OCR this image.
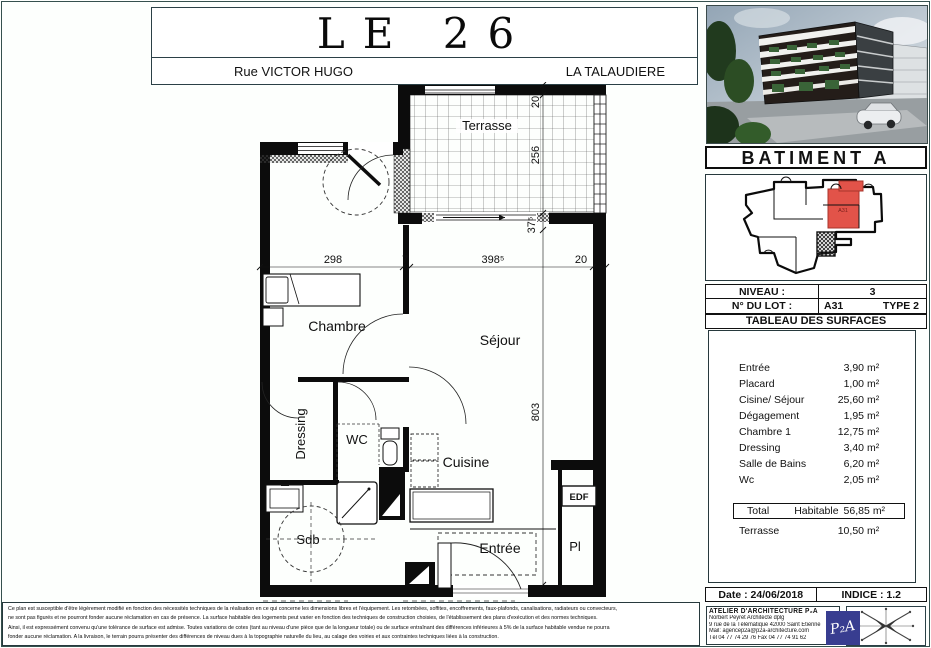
LE 26
Rue VICTOR HUGO	LA TALAUDIERE
BATIMENT A
A31
NIVEAU :	3
N° DU LOT :	A31	TYPE 2
TABLEAU DES SURFACES
Entrée	3,90 m²
Placard	1,00 m²
Cisine/ Séjour	25,60 m²
Dégagement	1,95 m²
Chambre 1	12,75 m²
Dressing	3,40 m²
Salle de Bains	6,20 m²
Wc	2,05 m²
Total Habitable 56,85 m²
Terrasse	10,50 m²
Date : 24/06/2018	INDICE : 1.2
ATELIER D'ARCHITECTURE P₂A
Norbert Peyret Architecte dplg
9 rue de la Télématique 42000 Saint Etienne
Mail: agencep2a@p2a-architecture.com
Tél 04 77 74 29 76 Fax 04 77 74 91 62	P₂A
Ce plan est susceptible d'être légèrement modifié en fonction des nécessités techniques de la réalisation en ce qui concerne les dimensions libres et l'équipement. Les retombées, soffites, encoffrements, faux-plafonds, canalisations, radiateurs ou convecteurs,
ne sont pas figurés et ne pourront fonder aucune réclamation en cas de présence. La surface habitable des logements peut varier en fonction des techniques de construction choisies, de l'établissement des plans d'exécution et des normes techniques.
Ainsi, il est expressément convenu qu'une tolérance de surface est admise. Toutes variations de cotes (tant au niveau d'une pièce que de la longueur totale) ou de surface entraînant des différences inférieures à 5% de la surface habitable vendue ne pourra
fonder aucune réclamation. A la livraison, le terrain pourra présenter des différences de niveau dues à la topographie naturelle du lieu, au calage des voiries et aux contraintes techniques liées à la construction.
Terrasse
EDF
298	7	398⁵	20
20
256
37⁵
803
Chambre
Séjour
Dressing	WC
Cuisine
Sdb
Entrée	Pl
